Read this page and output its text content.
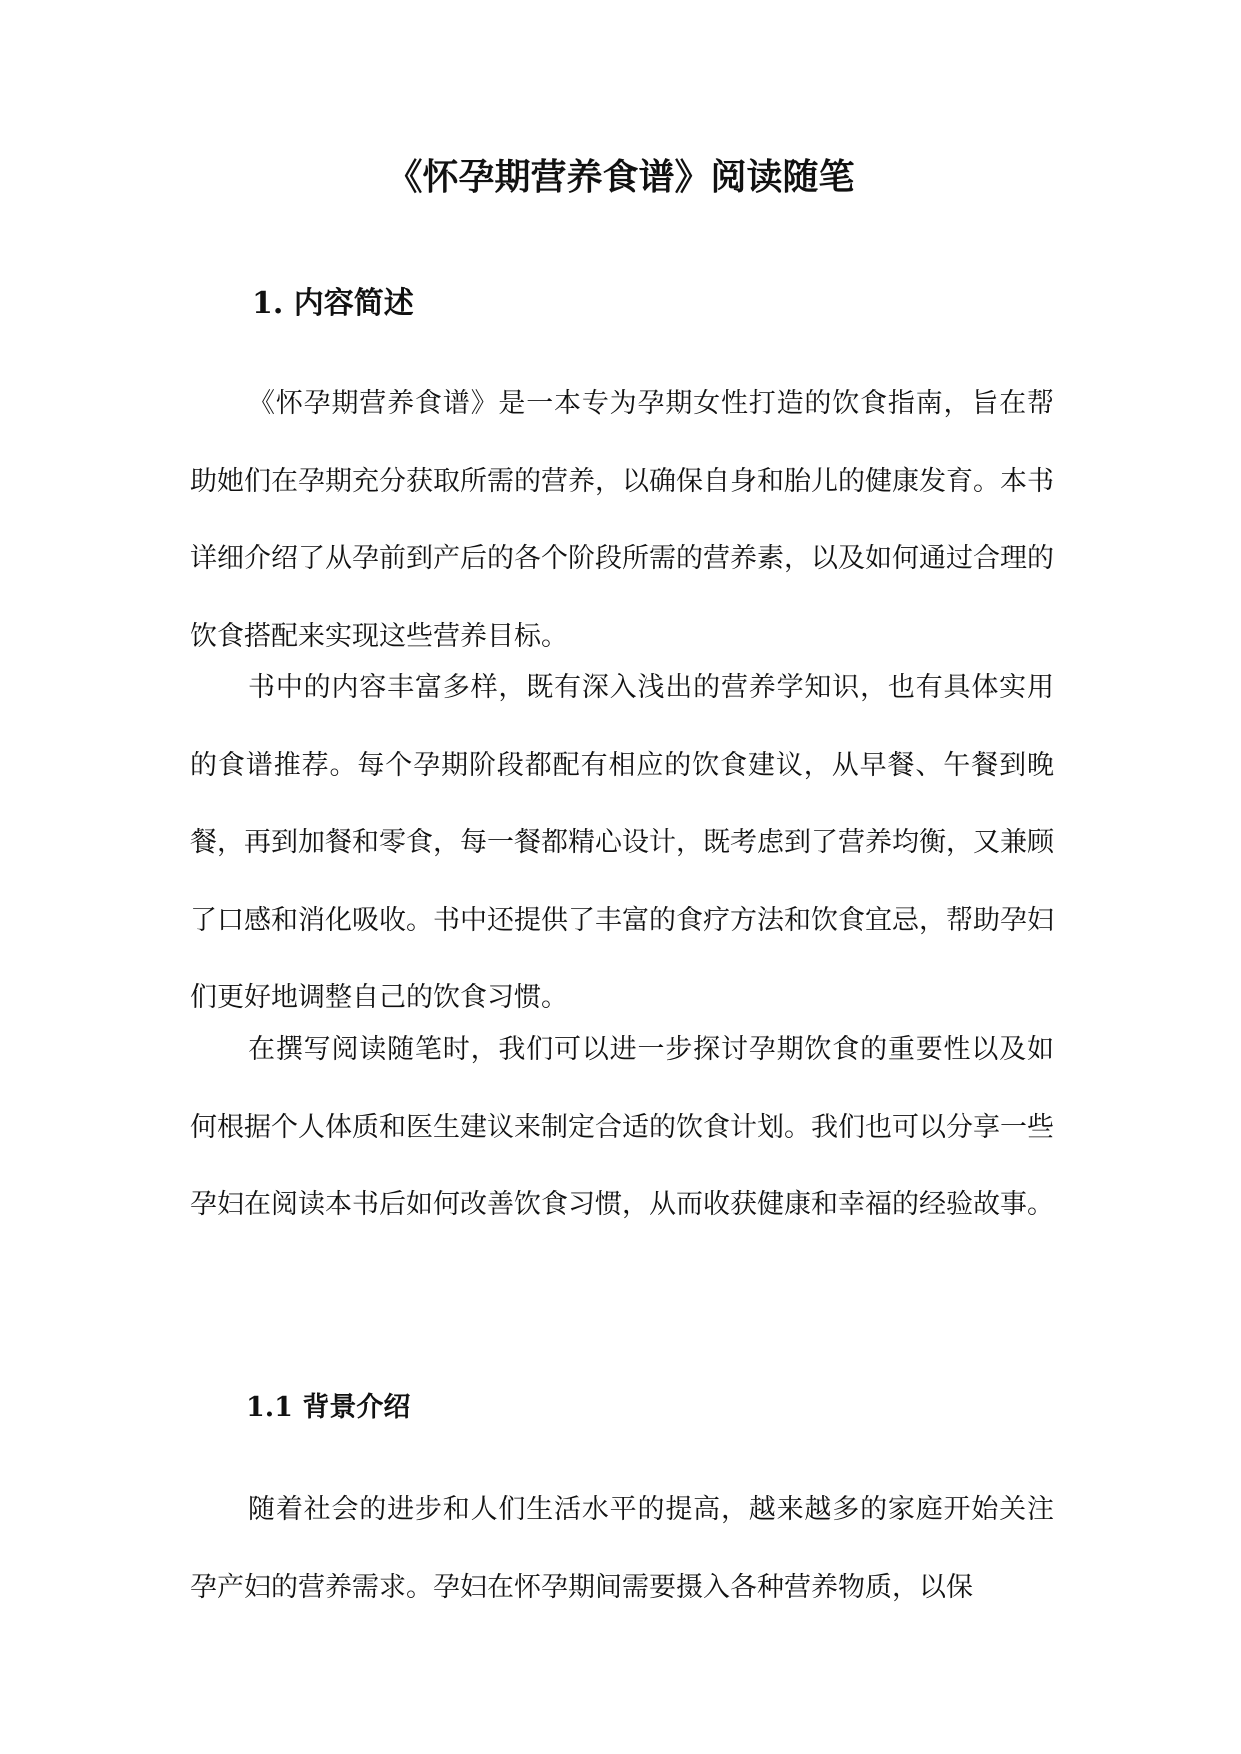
《怀孕期营养食谱》阅读随笔
1. 内容简述

《怀孕期营养食谱》是一本专为孕期女性打造的饮食指南，旨在帮助她们在孕期充分获取所需的营养，以确保自身和胎儿的健康发育。本书详细介绍了从孕前到产后的各个阶段所需的营养素，以及如何通过合理的饮食搭配来实现这些营养目标。

书中的内容丰富多样，既有深入浅出的营养学知识，也有具体实用的食谱推荐。每个孕期阶段都配有相应的饮食建议，从早餐、午餐到晚餐，再到加餐和零食，每一餐都精心设计，既考虑到了营养均衡，又兼顾了口感和消化吸收。书中还提供了丰富的食疗方法和饮食宜忌，帮助孕妇们更好地调整自己的饮食习惯。

在撰写阅读随笔时，我们可以进一步探讨孕期饮食的重要性以及如何根据个人体质和医生建议来制定合适的饮食计划。我们也可以分享一些孕妇在阅读本书后如何改善饮食习惯，从而收获健康和幸福的经验故事。

1.1 背景介绍

随着社会的进步和人们生活水平的提高，越来越多的家庭开始关注孕产妇的营养需求。孕妇在怀孕期间需要摄入各种营养物质，以保
